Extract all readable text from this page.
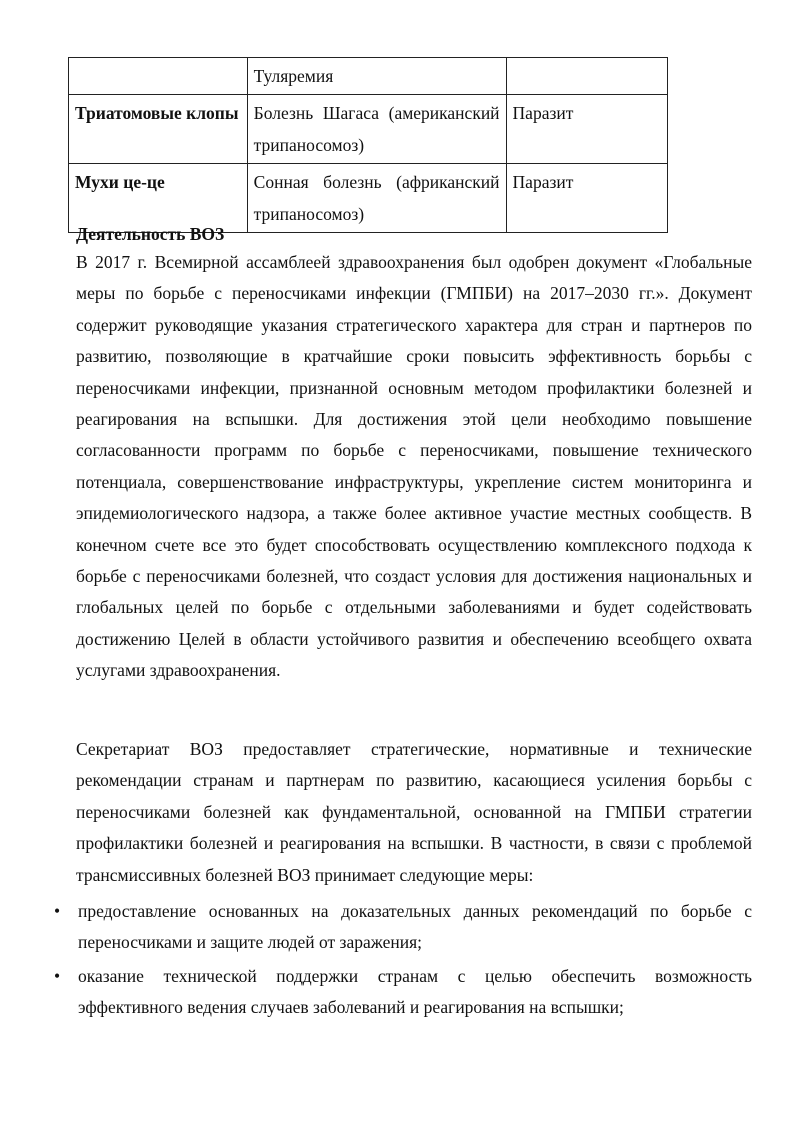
	Туляремия	
Триатомовые клопы	Болезнь Шагаса (американский трипаносомоз)	Паразит
Мухи це-це	Сонная болезнь (африканский трипаносомоз)	Паразит
Деятельность ВОЗ

В 2017 г. Всемирной ассамблеей здравоохранения был одобрен документ «Глобальные меры по борьбе с переносчиками инфекции (ГМПБИ) на 2017–2030 гг.». Документ содержит руководящие указания стратегического характера для стран и партнеров по развитию, позволяющие в кратчайшие сроки повысить эффективность борьбы с переносчиками инфекции, признанной основным методом профилактики болезней и реагирования на вспышки. Для достижения этой цели необходимо повышение согласованности программ по борьбе с переносчиками, повышение технического потенциала, совершенствование инфраструктуры, укрепление систем мониторинга и эпидемиологического надзора, а также более активное участие местных сообществ. В конечном счете все это будет способствовать осуществлению комплексного подхода к борьбе с переносчиками болезней, что создаст условия для достижения национальных и глобальных целей по борьбе с отдельными заболеваниями и будет содействовать достижению Целей в области устойчивого развития и обеспечению всеобщего охвата услугами здравоохранения.

Секретариат ВОЗ предоставляет стратегические, нормативные и технические рекомендации странам и партнерам по развитию, касающиеся усиления борьбы с переносчиками болезней как фундаментальной, основанной на ГМПБИ стратегии профилактики болезней и реагирования на вспышки. В частности, в связи с проблемой трансмиссивных болезней ВОЗ принимает следующие меры:

• предоставление основанных на доказательных данных рекомендаций по борьбе с переносчиками и защите людей от заражения;
• оказание технической поддержки странам с целью обеспечить возможность эффективного ведения случаев заболеваний и реагирования на вспышки;
